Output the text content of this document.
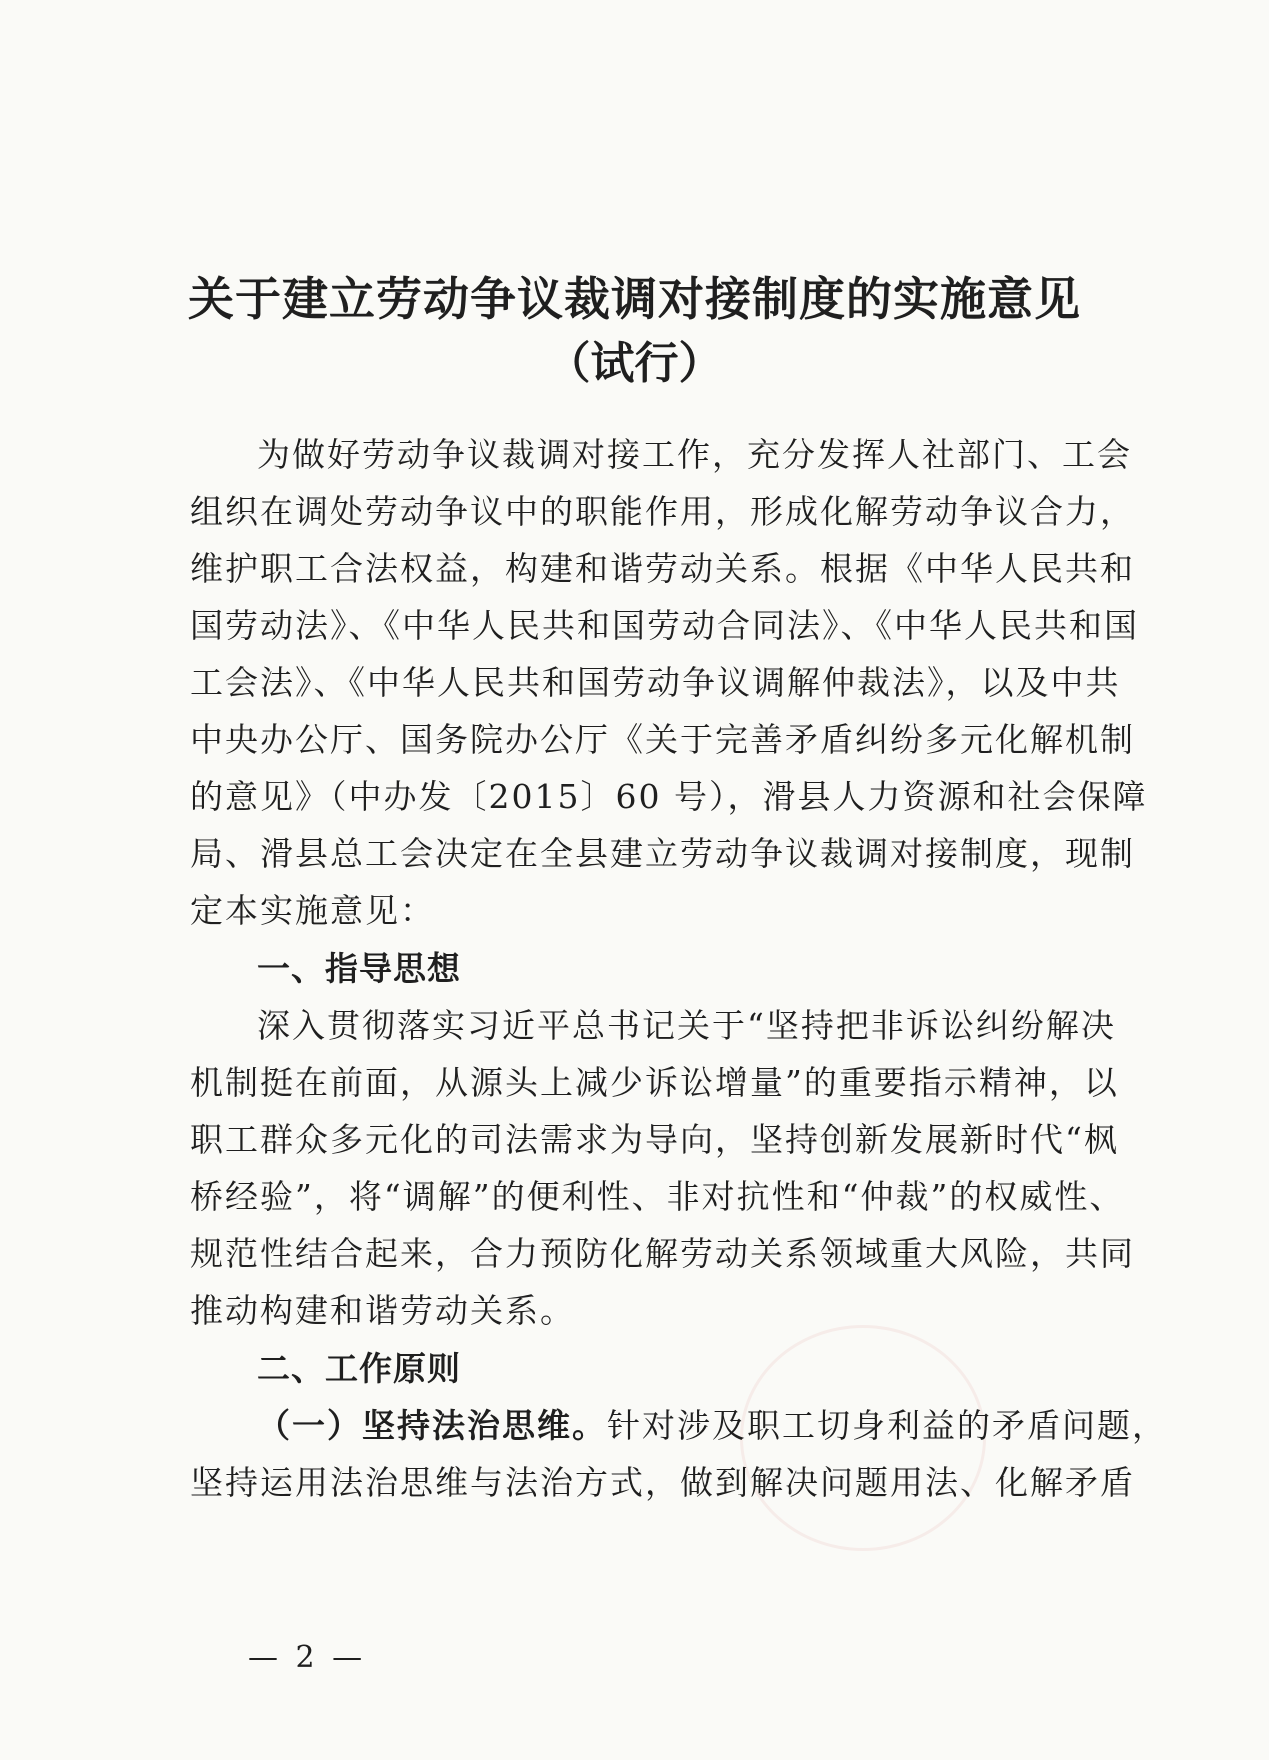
关于建立劳动争议裁调对接制度的实施意见
（试行）
为做好劳动争议裁调对接工作，充分发挥人社部门、工会
组织在调处劳动争议中的职能作用，形成化解劳动争议合力，
维护职工合法权益，构建和谐劳动关系。根据《中华人民共和
国劳动法》、《中华人民共和国劳动合同法》、《中华人民共和国
工会法》、《中华人民共和国劳动争议调解仲裁法》，以及中共
中央办公厅、国务院办公厅《关于完善矛盾纠纷多元化解机制
的意见》（中办发〔2015〕60 号），滑县人力资源和社会保障
局、滑县总工会决定在全县建立劳动争议裁调对接制度，现制
定本实施意见：
一、指导思想
深入贯彻落实习近平总书记关于“坚持把非诉讼纠纷解决
机制挺在前面，从源头上减少诉讼增量”的重要指示精神，以
职工群众多元化的司法需求为导向，坚持创新发展新时代“枫
桥经验”，将“调解”的便利性、非对抗性和“仲裁”的权威性、
规范性结合起来，合力预防化解劳动关系领域重大风险，共同
推动构建和谐劳动关系。
二、工作原则
（一）坚持法治思维。针对涉及职工切身利益的矛盾问题，
坚持运用法治思维与法治方式，做到解决问题用法、化解矛盾
— 2 —
